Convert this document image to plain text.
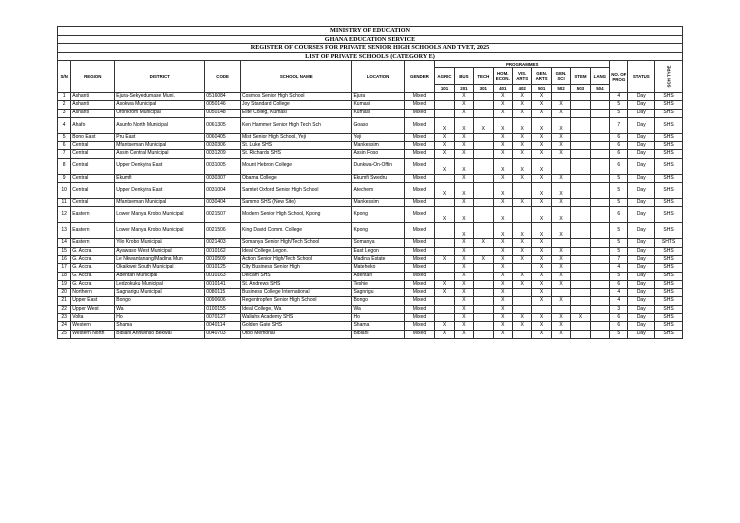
MINISTRY OF EDUCATION																		
GHANA EDUCATION SERVICE																		
REGISTER OF COURSES FOR PRIVATE SENIOR HIGH SCHOOLS AND TVET, 2025																		
LIST OF PRIVATE SCHOOLS (CATEGORY E)																		
S/N	REGION	DISTRICT	CODE	SCHOOL NAME	LOCATION	GENDER	PROGRAMMES									NO. OF PROG	STATUS	SCH TYPE
							AGRIC	BUS	TECH	HOM. ECON.	VIS. ARTS	GEN. ARTS	GEN. SCI	STEM	LANG			
							101	201	301	401	402	501	502	503	504			
1	Ashanti	Ejura-Sekyedumase Muni.	0516084	Cosmos Senior High School	Ejura	Mixed		X		X	X	X				4	Day	SHS
2	Ashanti	Asokwa Municipal	0050146	Joy Standard College	Kumasi	Mixed		X		X	X	X	X			5	Day	SHS
3	Ashanti	Oforikrom Municipal	0050148	Elite Colleg, Kumasi	Kumasi	Mixed		X		X	X	X	X			5	Day	SHS
4	Ahafo	Asunfo North Municipal	0061305	Ken Hammer Senior High Tech Sch	Goaso	Mixed	X	X	X	X	X	X	X			7	Day	SHS
5	Bono East	Pru East	0060405	Mist Senior High School, Yeji	Yeji	Mixed	X	X		X	X	X	X			6	Day	SHS
6	Central	Mfantseman Municipal	0030306	St. Luke SHS	Mankessim	Mixed	X	X		X	X	X	X			6	Day	SHS
7	Central	Assin Central Municipal	0031209	St. Richards SHS	Assin Foso	Mixed	X	X		X	X	X	X			6	Day	SHS
8	Central	Upper Denkyira East	0031005	Mount Hebron College	Dunkwa-On-Offin	Mixed	X	X		X	X	X				6	Day	SHS
9	Central	Ekumfi	0030307	Obama College	Ekumfi Swedru	Mixed		X		X	X	X	X			5	Day	SHS
10	Central	Upper Denkyira East	0031004	Samtet Oxford Senior High School	Atechem	Mixed	X	X		X		X	X			5	Day	SHS
11	Central	Mfantseman Municipal	0030404	Sammo SHS (New Site)	Mankessim	Mixed		X		X	X	X	X			5	Day	SHS
12	Eastern	Lower Manya Krobo Municipal	0021507	Modern Senior High School, Kpong	Kpong	Mixed	X	X		X		X	X			6	Day	SHS
13	Eastern	Lower Manya Krobo Municipal	0021506	King David Comm. College	Kpong	Mixed		X		X	X	X	X			5	Day	SHS
14	Eastern	Yilo Krobo Municipal	0021403	Somanya Senior High/Tech School	Somanya	Mixed		X	X	X	X	X				5	Day	SHTS
15	G. Accra	Ayawaso West Municipal	0010162	Ideal College,Legon.	East Legon	Mixed		X		X	X	X	X			5	Day	SHS
16	G. Accra	Le Nkwantanang/Madina Mun	0010509	Action Senior High/Tech School	Madina Estate	Mixed	X	X	X	X	X	X	X			7	Day	SHS
17	G. Accra	Okaikwei South Municipal	0010125	City Business Senior High	Mateheko	Mixed		X		X		X	X			4	Day	SHS
18	G. Accra	Adentan Municipal	0010163	Delcam SHS	Adentan	Mixed		X		X	X	X	X			5	Day	SHS
19	G. Accra	Ledzokuku Municipal	0010141	St. Andrews SHS	Teshie	Mixed	X	X		X	X	X	X			6	Day	SHS
20	Northern	Sagnarigu Municipal	0080115	Business College International	Sagnrigu	Mixed	X	X		X		X				4	Day	SHS
21	Upper East	Bongo	0090606	Regentropfen Senior High School	Bongo	Mixed		X		X		X	X			4	Day	SHS
22	Upper West	Wa	0100155	Ideal College, Wa	Wa	Mixed		X		X						3	Day	SHS
23	Volta	Ho	0070127	Wallahs Academy SHS	Ho	Mixed		X		X	X	X	X	X		6	Day	SHS
24	Western	Shama	0040114	Golden Gate SHS	Shama	Mixed	X	X		X	X	X	X			6	Day	SHS
25	Western North	Bibiani Anhwinso Bekwai	0040703	Otoo Memorial	Bibiani	Mixed	X	X		X		X	X			5	Day	SHS
